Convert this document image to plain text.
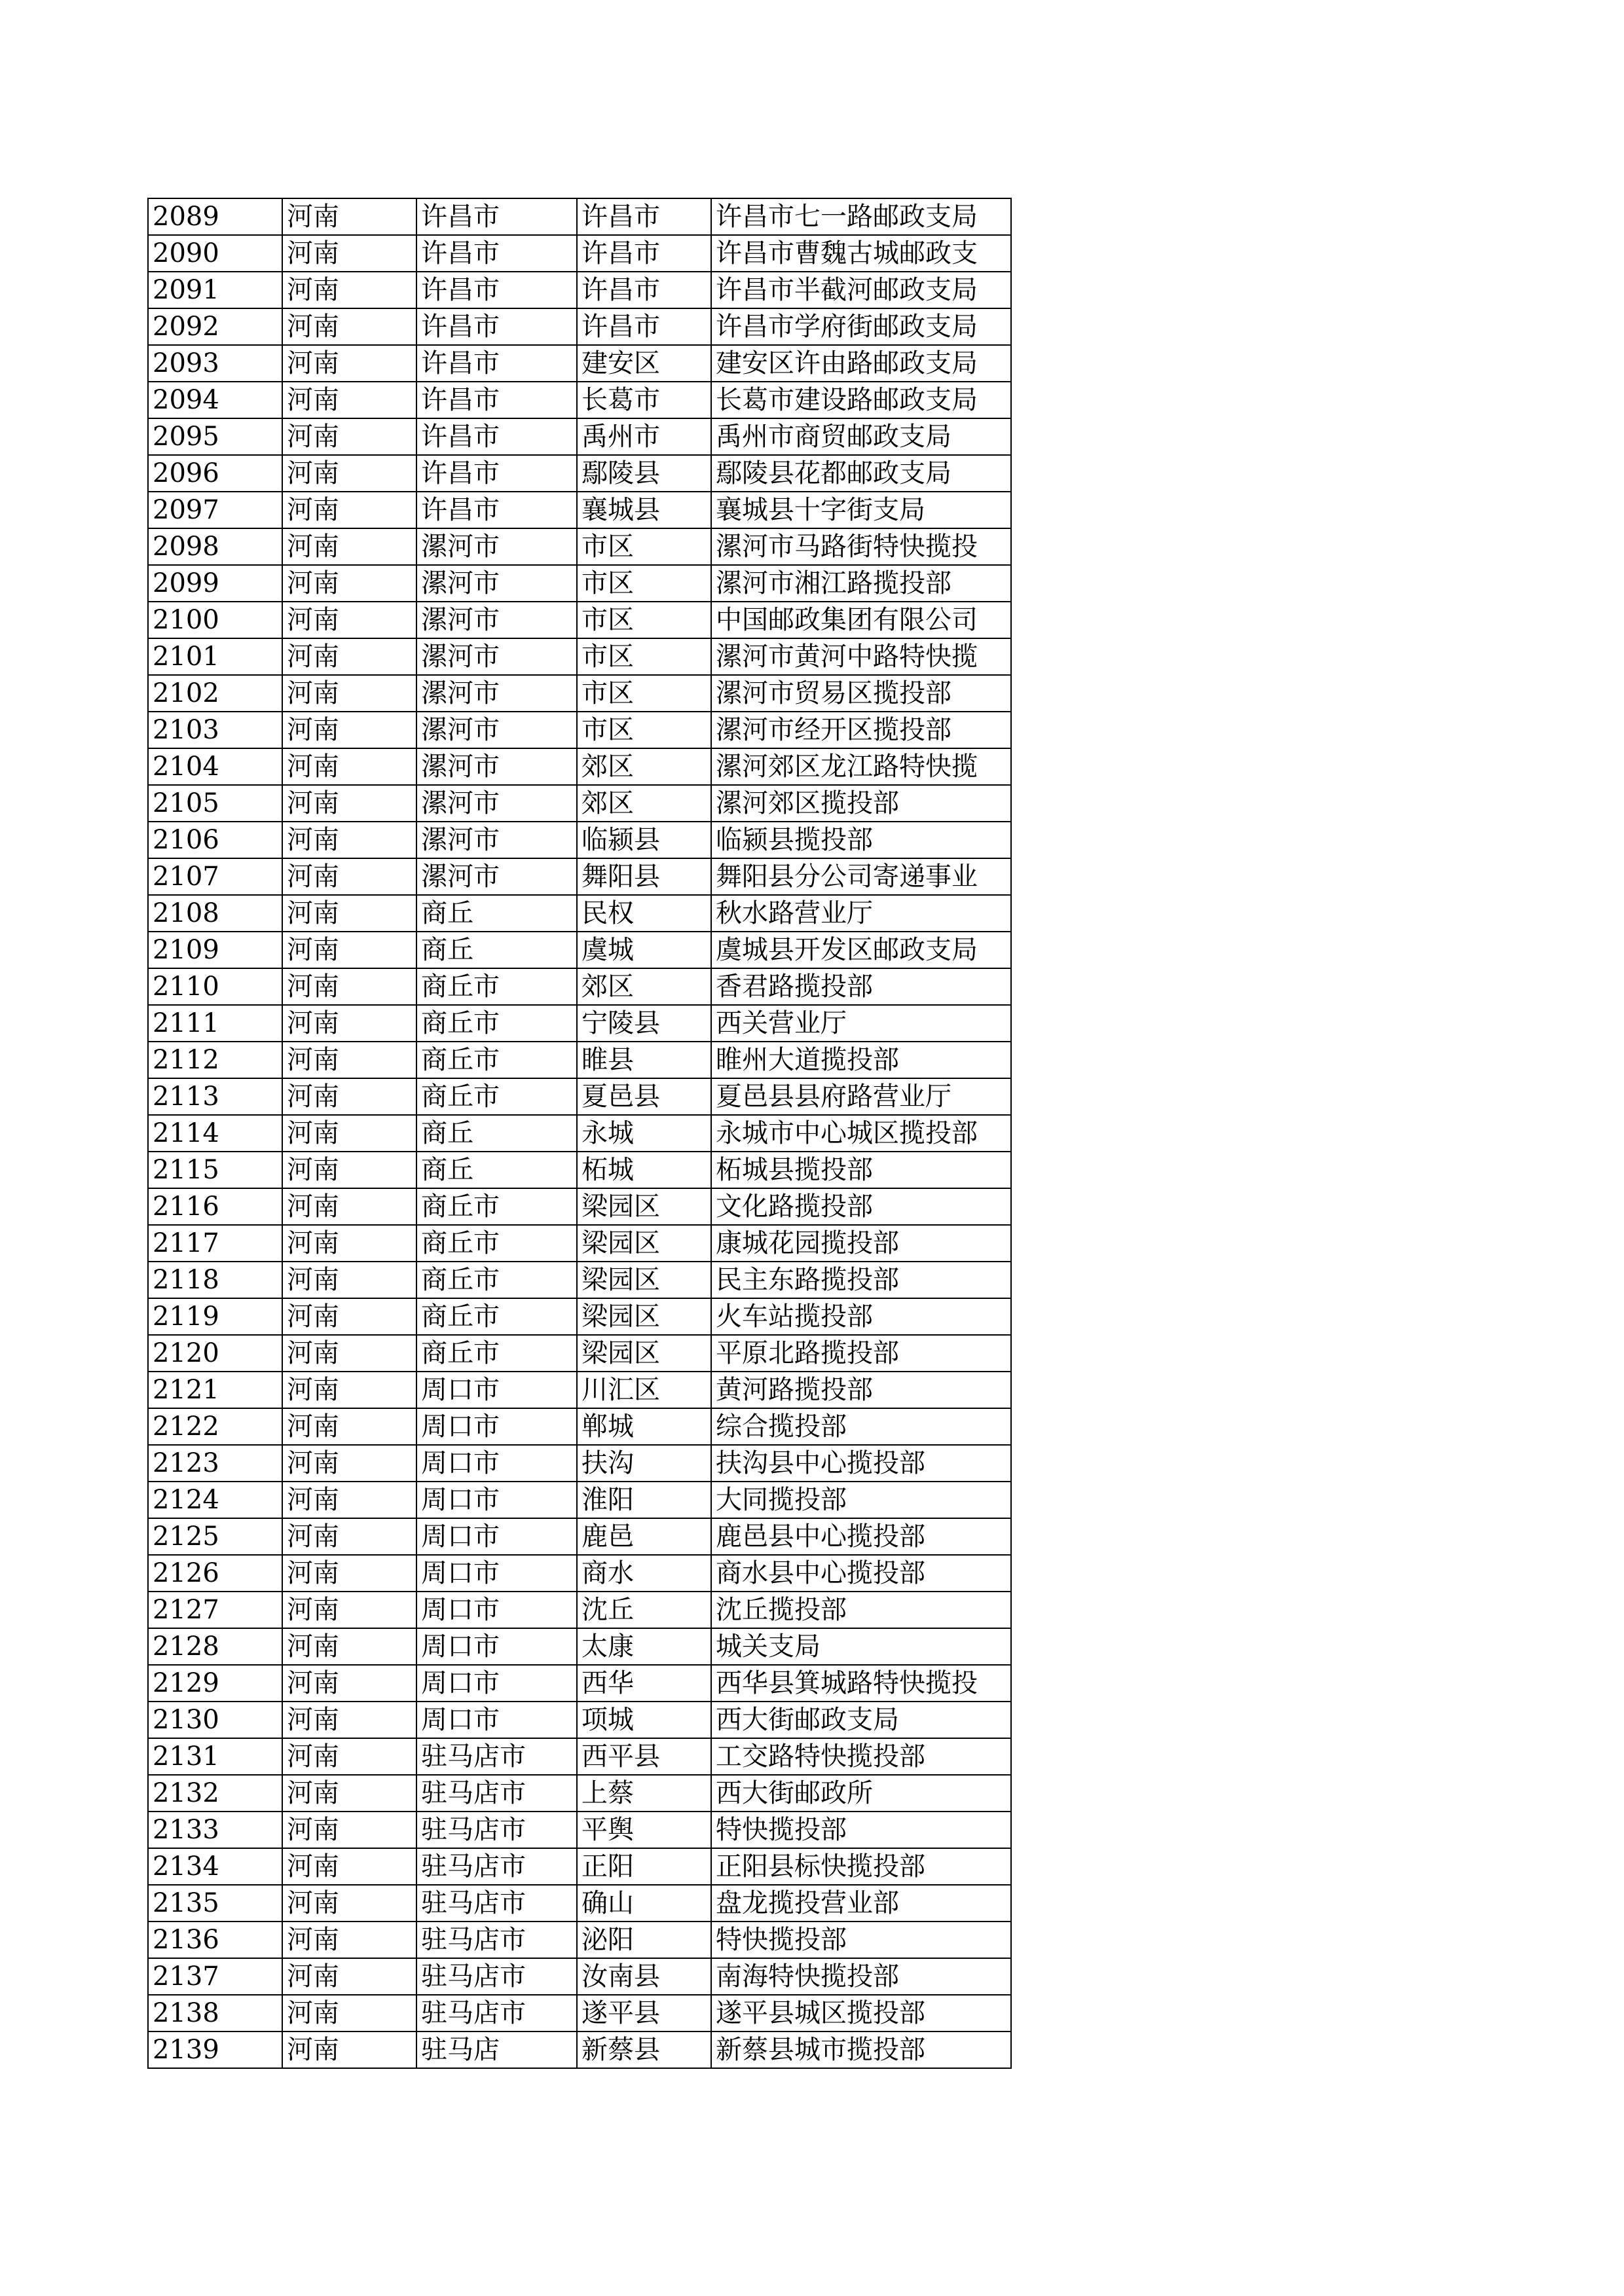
2089	河南	许昌市	许昌市	许昌市七一路邮政支局
2090	河南	许昌市	许昌市	许昌市曹魏古城邮政支
2091	河南	许昌市	许昌市	许昌市半截河邮政支局
2092	河南	许昌市	许昌市	许昌市学府街邮政支局
2093	河南	许昌市	建安区	建安区许由路邮政支局
2094	河南	许昌市	长葛市	长葛市建设路邮政支局
2095	河南	许昌市	禹州市	禹州市商贸邮政支局
2096	河南	许昌市	鄢陵县	鄢陵县花都邮政支局
2097	河南	许昌市	襄城县	襄城县十字街支局
2098	河南	漯河市	市区	漯河市马路街特快揽投
2099	河南	漯河市	市区	漯河市湘江路揽投部
2100	河南	漯河市	市区	中国邮政集团有限公司
2101	河南	漯河市	市区	漯河市黄河中路特快揽
2102	河南	漯河市	市区	漯河市贸易区揽投部
2103	河南	漯河市	市区	漯河市经开区揽投部
2104	河南	漯河市	郊区	漯河郊区龙江路特快揽
2105	河南	漯河市	郊区	漯河郊区揽投部
2106	河南	漯河市	临颍县	临颍县揽投部
2107	河南	漯河市	舞阳县	舞阳县分公司寄递事业
2108	河南	商丘	民权	秋水路营业厅
2109	河南	商丘	虞城	虞城县开发区邮政支局
2110	河南	商丘市	郊区	香君路揽投部
2111	河南	商丘市	宁陵县	西关营业厅
2112	河南	商丘市	睢县	睢州大道揽投部
2113	河南	商丘市	夏邑县	夏邑县县府路营业厅
2114	河南	商丘	永城	永城市中心城区揽投部
2115	河南	商丘	柘城	柘城县揽投部
2116	河南	商丘市	梁园区	文化路揽投部
2117	河南	商丘市	梁园区	康城花园揽投部
2118	河南	商丘市	梁园区	民主东路揽投部
2119	河南	商丘市	梁园区	火车站揽投部
2120	河南	商丘市	梁园区	平原北路揽投部
2121	河南	周口市	川汇区	黄河路揽投部
2122	河南	周口市	郸城	综合揽投部
2123	河南	周口市	扶沟	扶沟县中心揽投部
2124	河南	周口市	淮阳	大同揽投部
2125	河南	周口市	鹿邑	鹿邑县中心揽投部
2126	河南	周口市	商水	商水县中心揽投部
2127	河南	周口市	沈丘	沈丘揽投部
2128	河南	周口市	太康	城关支局
2129	河南	周口市	西华	西华县箕城路特快揽投
2130	河南	周口市	项城	西大街邮政支局
2131	河南	驻马店市	西平县	工交路特快揽投部
2132	河南	驻马店市	上蔡	西大街邮政所
2133	河南	驻马店市	平舆	特快揽投部
2134	河南	驻马店市	正阳	正阳县标快揽投部
2135	河南	驻马店市	确山	盘龙揽投营业部
2136	河南	驻马店市	泌阳	特快揽投部
2137	河南	驻马店市	汝南县	南海特快揽投部
2138	河南	驻马店市	遂平县	遂平县城区揽投部
2139	河南	驻马店	新蔡县	新蔡县城市揽投部
